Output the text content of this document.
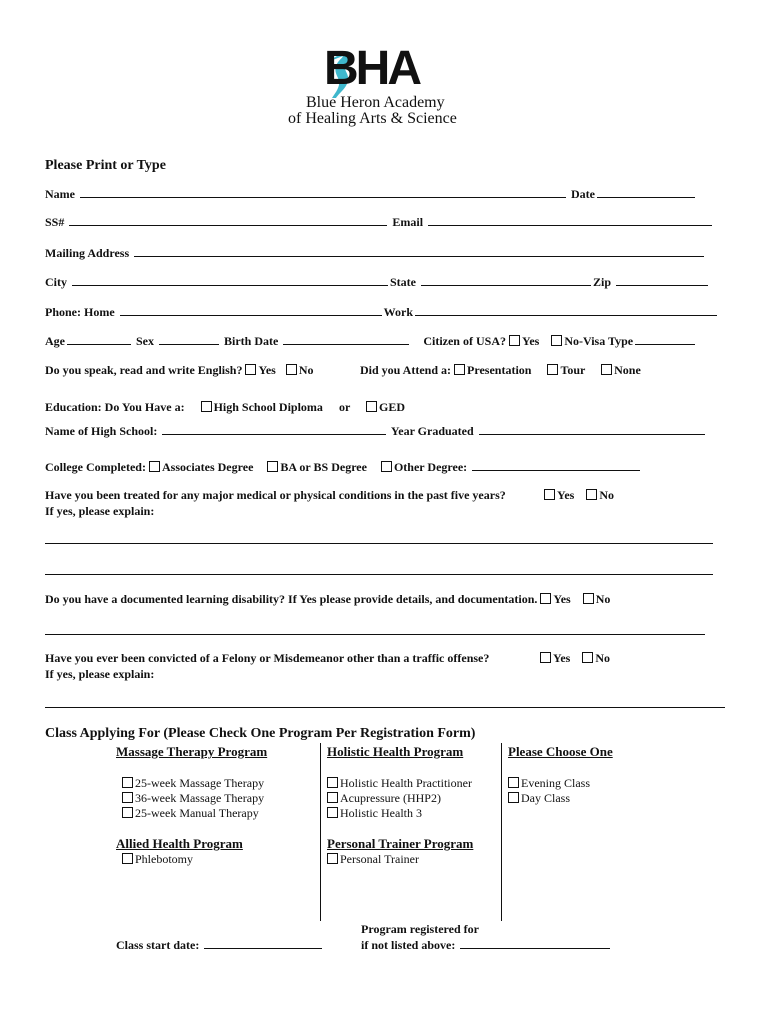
BHA
Blue Heron Academy
of Healing Arts & Science
Please Print or Type
Name	Date
SS#	Email
Mailing Address
City	State	Zip
Phone: Home	Work
Age	Sex	Birth Date	Citizen of USA? Yes No-Visa Type
Do you speak, read and write English? Yes No	Did you Attend a: Presentation Tour None
Education: Do You Have a: High School Diploma or GED
Name of High School:	Year Graduated
College Completed: Associates Degree BA or BS Degree Other Degree:
Have you been treated for any major medical or physical conditions in the past five years?	Yes No
If yes, please explain:
Do you have a documented learning disability? If Yes please provide details, and documentation. Yes No
Have you ever been convicted of a Felony or Misdemeanor other than a traffic offense?	Yes No
If yes, please explain:
Class Applying For (Please Check One Program Per Registration Form)
Massage Therapy Program
25-week Massage Therapy
36-week Massage Therapy
25-week Manual Therapy
Holistic Health Program
Holistic Health Practitioner
Acupressure (HHP2)
Holistic Health 3
Please Choose One
Evening Class
Day Class
Allied Health Program
Phlebotomy
Personal Trainer Program
Personal Trainer
Class start date:
Program registered for
if not listed above:
